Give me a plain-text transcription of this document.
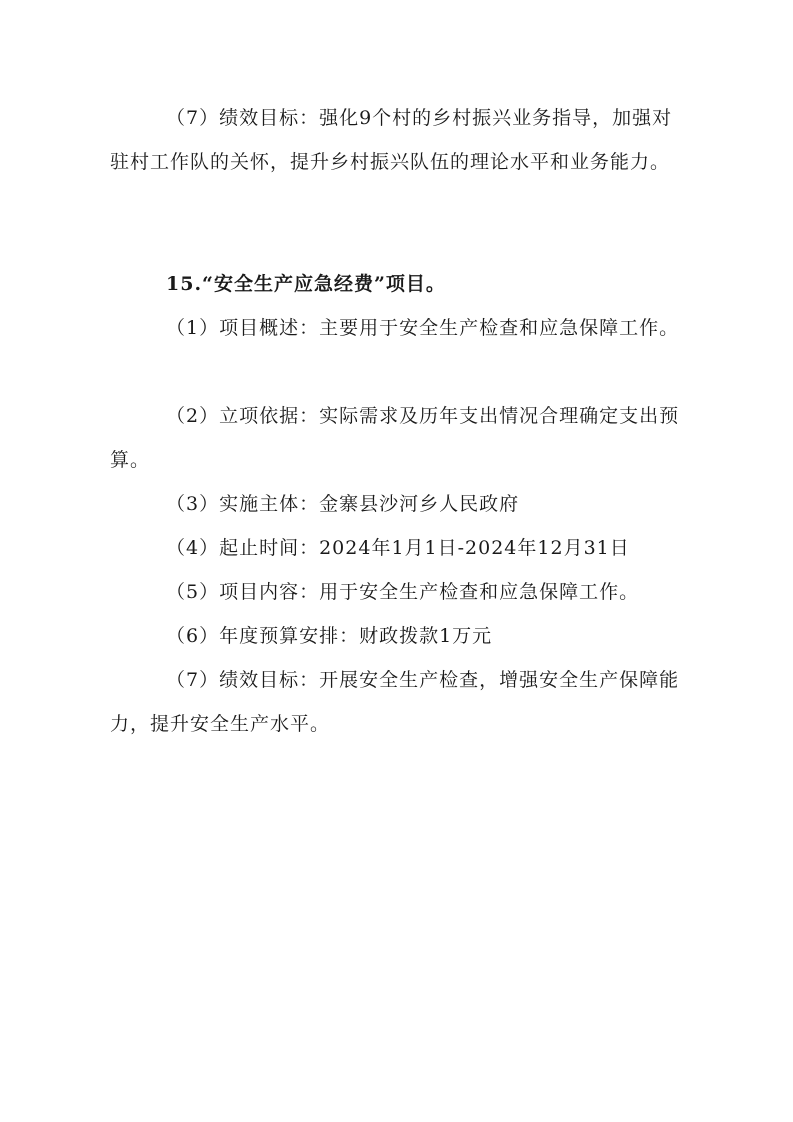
（7）绩效目标：强化9个村的乡村振兴业务指导，加强对驻村工作队的关怀，提升乡村振兴队伍的理论水平和业务能力。

15.“安全生产应急经费”项目。

（1）项目概述：主要用于安全生产检查和应急保障工作。

（2）立项依据：实际需求及历年支出情况合理确定支出预算。

（3）实施主体：金寨县沙河乡人民政府

（4）起止时间：2024年1月1日-2024年12月31日

（5）项目内容：用于安全生产检查和应急保障工作。

（6）年度预算安排：财政拨款1万元

（7）绩效目标：开展安全生产检查，增强安全生产保障能力，提升安全生产水平。
